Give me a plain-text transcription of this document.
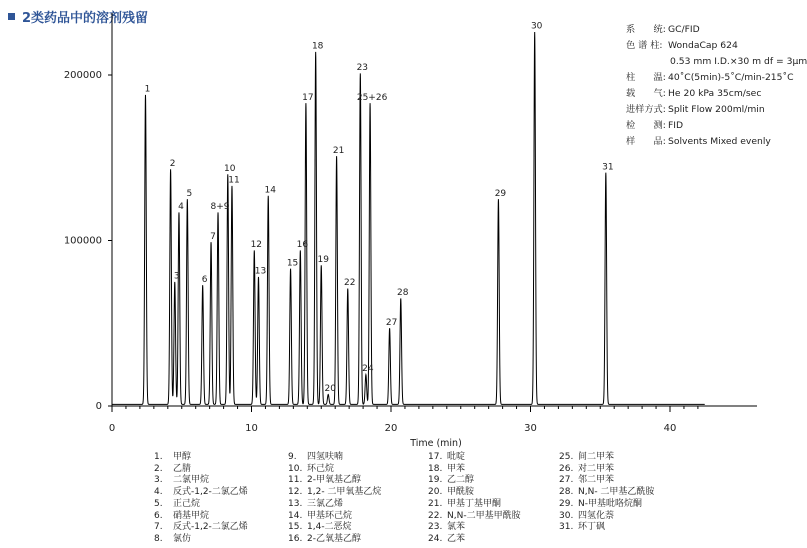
2类药品中的溶剂残留
0
100000
200000
0	10	20	30	40
Time (min)
1
2
3
4
5
6
7
8+9
10
11
12
13
14
15
16
17
18
19
20
21
22
23
24
25+26
27
28
29
30
31
系　　统: GC/FID
色 谱 柱: WondaCap 624
0.53 mm I.D.×30 m df = 3μm
柱　　温: 40˚C(5min)-5˚C/min-215˚C
载　　气: He 20 kPa 35cm/sec
进样方式: Split Flow 200ml/min
检　　测: FID
样　　品: Solvents Mixed evenly
1. 甲醇
2. 乙腈
3. 二氯甲烷
4. 反式-1,2-二氯乙烯
5. 正己烷
6. 硝基甲烷
7. 反式-1,2-二氯乙烯
8. 氯仿
9. 四氢呋喃
10. 环己烷
11. 2-甲氧基乙醇
12. 1,2- 二甲氧基乙烷
13. 三氯乙烯
14. 甲基环己烷
15. 1,4-二恶烷
16. 2-乙氧基乙醇
17. 吡啶
18. 甲苯
19. 乙二醇
20. 甲酰胺
21. 甲基丁基甲酮
22. N,N-二甲基甲酰胺
23. 氯苯
24. 乙苯
25. 间二甲苯
26. 对二甲苯
27. 邻二甲苯
28. N,N- 二甲基乙酰胺
29. N-甲基吡咯烷酮
30. 四氢化萘
31. 环丁砜
